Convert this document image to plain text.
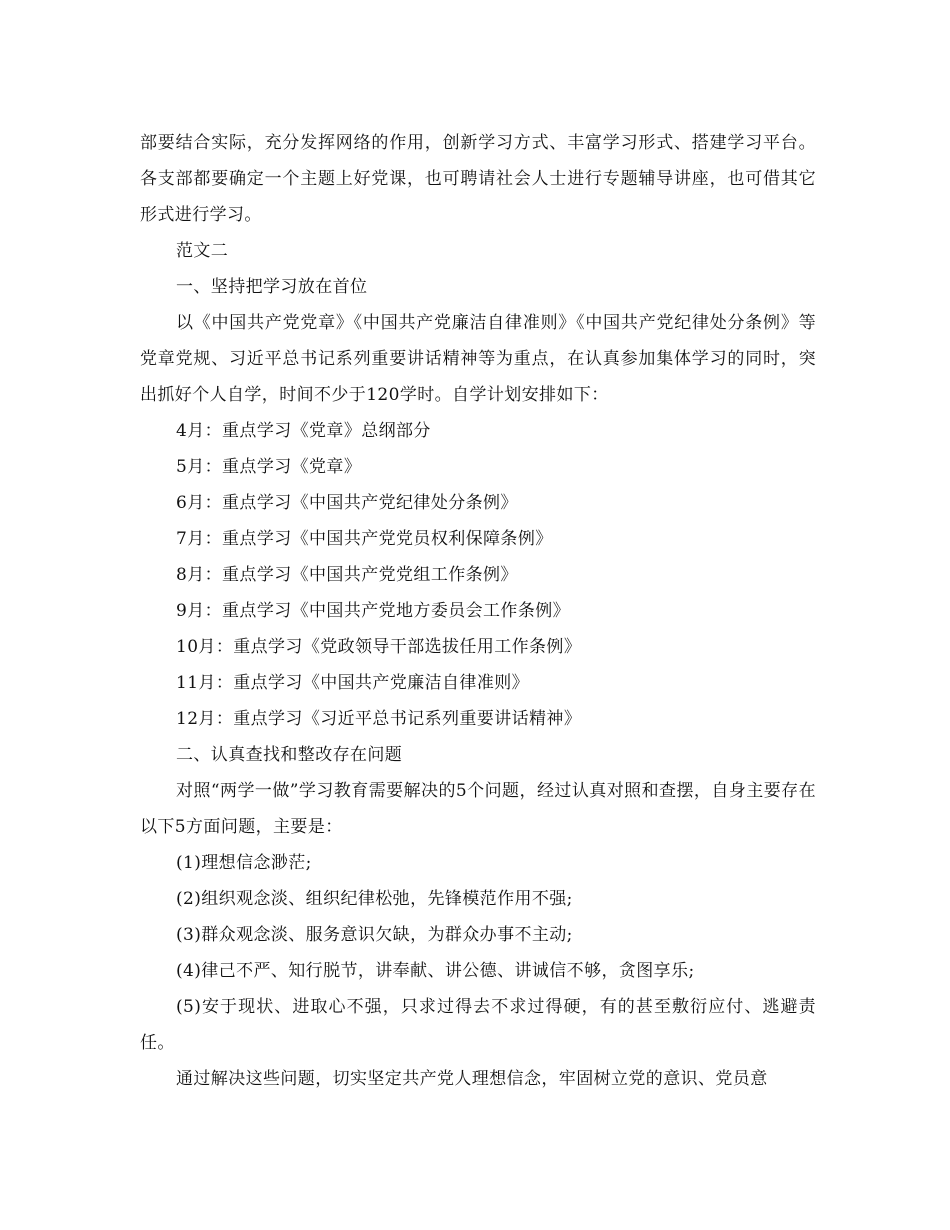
部要结合实际，充分发挥网络的作用，创新学习方式、丰富学习形式、搭建学习平台。各支部都要确定一个主题上好党课，也可聘请社会人士进行专题辅导讲座，也可借其它形式进行学习。

范文二

一、坚持把学习放在首位

以《中国共产党党章》《中国共产党廉洁自律准则》《中国共产党纪律处分条例》等党章党规、习近平总书记系列重要讲话精神等为重点，在认真参加集体学习的同时，突出抓好个人自学，时间不少于120学时。自学计划安排如下：

4月：重点学习《党章》总纲部分

5月：重点学习《党章》

6月：重点学习《中国共产党纪律处分条例》

7月：重点学习《中国共产党党员权利保障条例》

8月：重点学习《中国共产党党组工作条例》

9月：重点学习《中国共产党地方委员会工作条例》

10月：重点学习《党政领导干部选拔任用工作条例》

11月：重点学习《中国共产党廉洁自律准则》

12月：重点学习《习近平总书记系列重要讲话精神》

二、认真查找和整改存在问题

对照“两学一做”学习教育需要解决的5个问题，经过认真对照和查摆，自身主要存在以下5方面问题，主要是：

(1)理想信念渺茫;

(2)组织观念淡、组织纪律松弛，先锋模范作用不强;

(3)群众观念淡、服务意识欠缺，为群众办事不主动;

(4)律己不严、知行脱节，讲奉献、讲公德、讲诚信不够，贪图享乐;

(5)安于现状、进取心不强，只求过得去不求过得硬，有的甚至敷衍应付、逃避责任。

通过解决这些问题，切实坚定共产党人理想信念，牢固树立党的意识、党员意
